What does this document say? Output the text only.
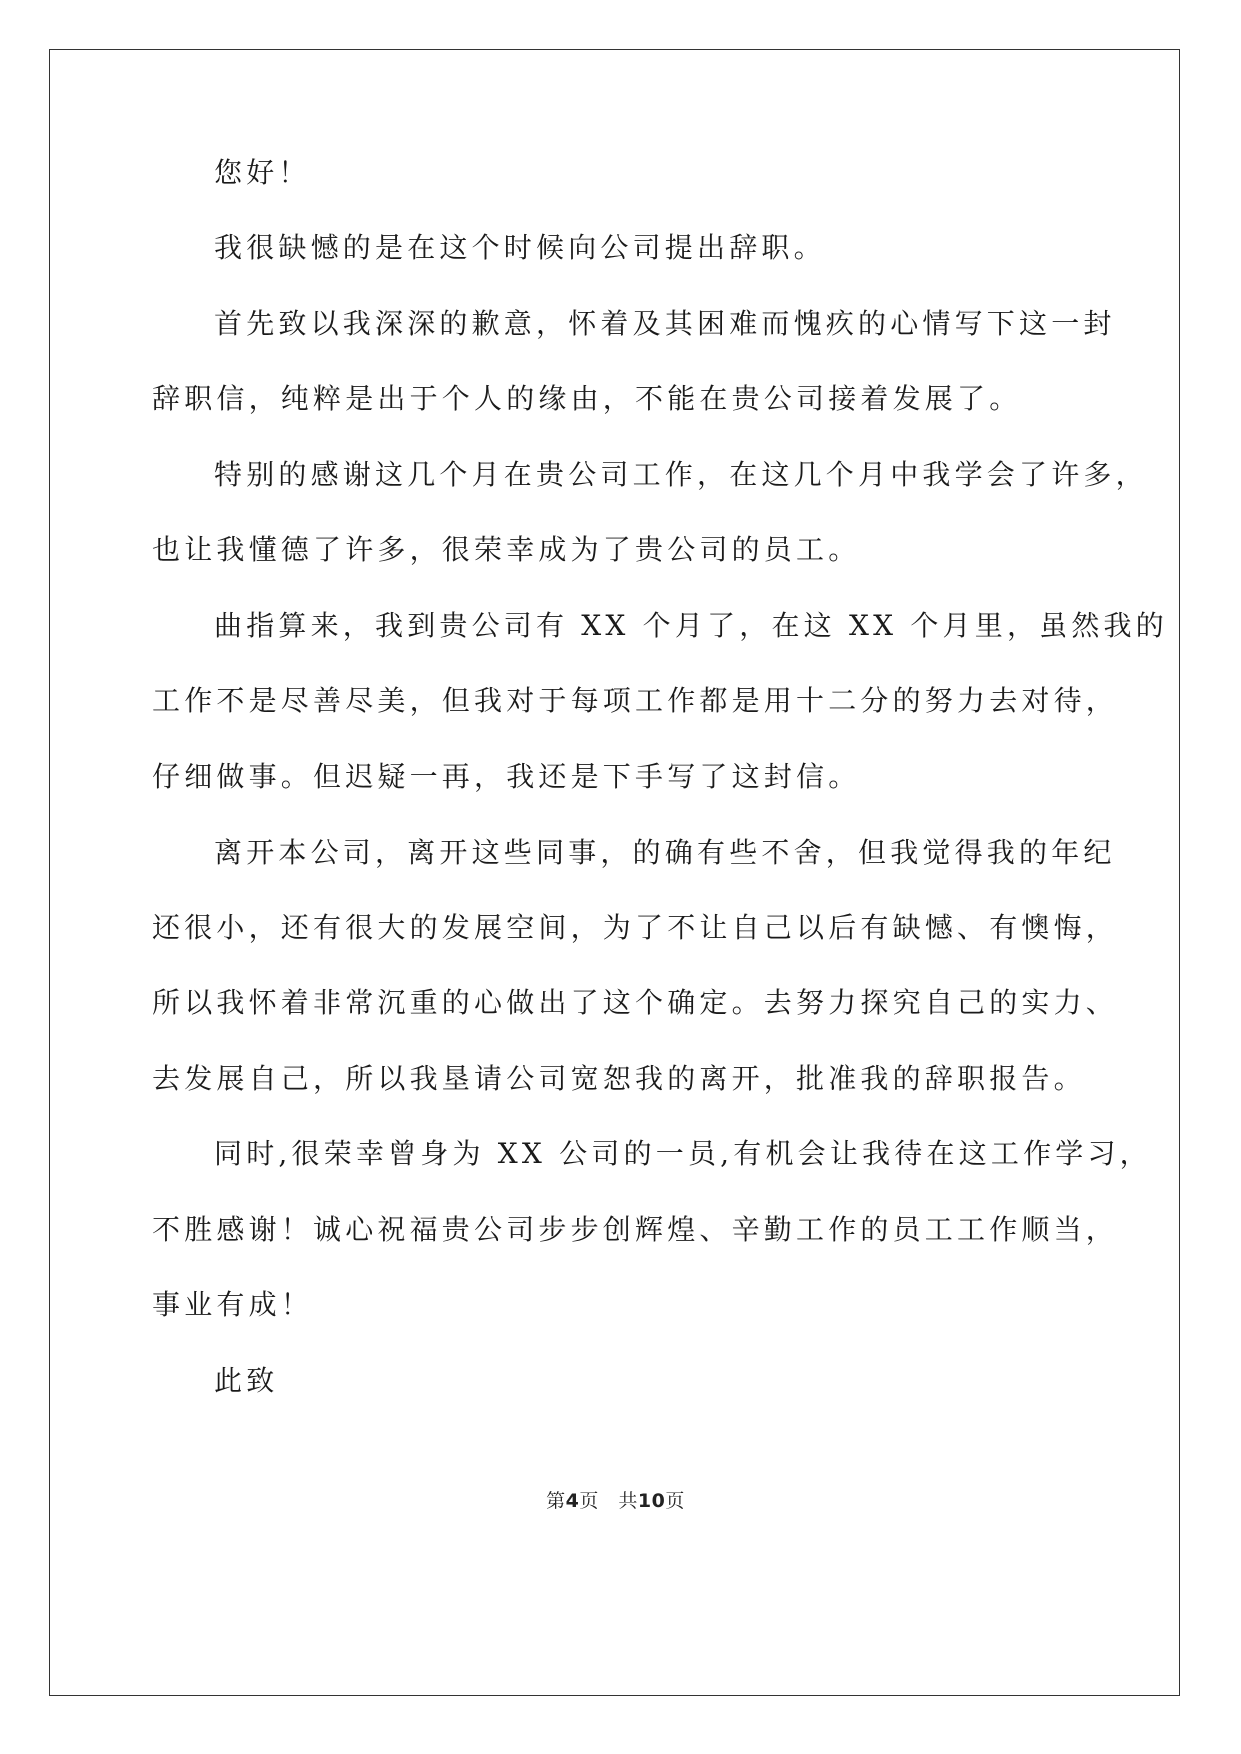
您好！
我很缺憾的是在这个时候向公司提出辞职。
首先致以我深深的歉意，怀着及其困难而愧疚的心情写下这一封
辞职信，纯粹是出于个人的缘由，不能在贵公司接着发展了。
特别的感谢这几个月在贵公司工作，在这几个月中我学会了许多，
也让我懂德了许多，很荣幸成为了贵公司的员工。
曲指算来，我到贵公司有 XX 个月了，在这 XX 个月里，虽然我的
工作不是尽善尽美，但我对于每项工作都是用十二分的努力去对待，
仔细做事。但迟疑一再，我还是下手写了这封信。
离开本公司，离开这些同事，的确有些不舍，但我觉得我的年纪
还很小，还有很大的发展空间，为了不让自己以后有缺憾、有懊悔，
所以我怀着非常沉重的心做出了这个确定。去努力探究自己的实力、
去发展自己，所以我垦请公司宽恕我的离开，批准我的辞职报告。
同时,很荣幸曾身为 XX 公司的一员,有机会让我待在这工作学习，
不胜感谢！诚心祝福贵公司步步创辉煌、辛勤工作的员工工作顺当，
事业有成！
此致
第4页　共10页
